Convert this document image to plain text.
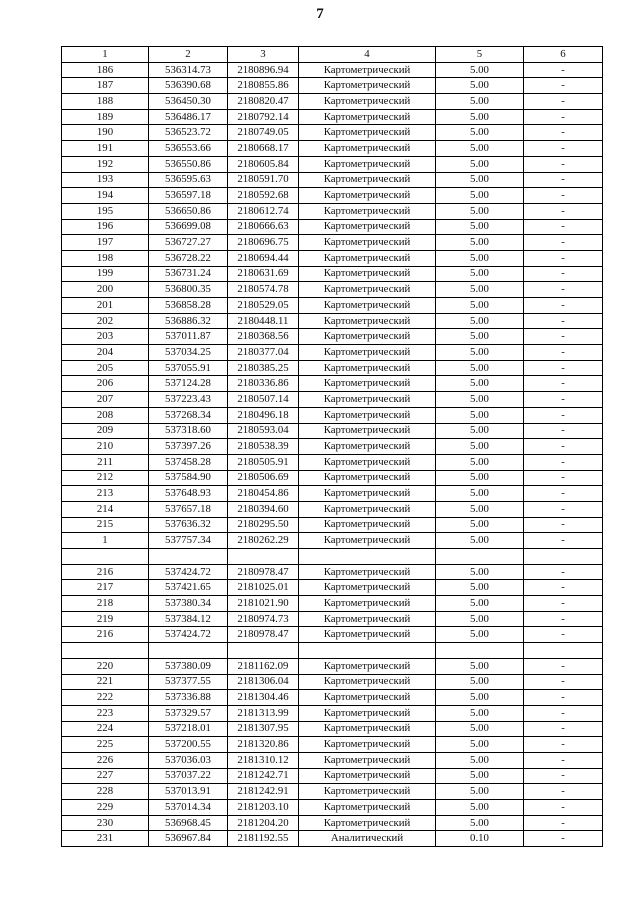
7
1	2	3	4	5	6
186	536314.73	2180896.94	Картометрический	5.00	-
187	536390.68	2180855.86	Картометрический	5.00	-
188	536450.30	2180820.47	Картометрический	5.00	-
189	536486.17	2180792.14	Картометрический	5.00	-
190	536523.72	2180749.05	Картометрический	5.00	-
191	536553.66	2180668.17	Картометрический	5.00	-
192	536550.86	2180605.84	Картометрический	5.00	-
193	536595.63	2180591.70	Картометрический	5.00	-
194	536597.18	2180592.68	Картометрический	5.00	-
195	536650.86	2180612.74	Картометрический	5.00	-
196	536699.08	2180666.63	Картометрический	5.00	-
197	536727.27	2180696.75	Картометрический	5.00	-
198	536728.22	2180694.44	Картометрический	5.00	-
199	536731.24	2180631.69	Картометрический	5.00	-
200	536800.35	2180574.78	Картометрический	5.00	-
201	536858.28	2180529.05	Картометрический	5.00	-
202	536886.32	2180448.11	Картометрический	5.00	-
203	537011.87	2180368.56	Картометрический	5.00	-
204	537034.25	2180377.04	Картометрический	5.00	-
205	537055.91	2180385.25	Картометрический	5.00	-
206	537124.28	2180336.86	Картометрический	5.00	-
207	537223.43	2180507.14	Картометрический	5.00	-
208	537268.34	2180496.18	Картометрический	5.00	-
209	537318.60	2180593.04	Картометрический	5.00	-
210	537397.26	2180538.39	Картометрический	5.00	-
211	537458.28	2180505.91	Картометрический	5.00	-
212	537584.90	2180506.69	Картометрический	5.00	-
213	537648.93	2180454.86	Картометрический	5.00	-
214	537657.18	2180394.60	Картометрический	5.00	-
215	537636.32	2180295.50	Картометрический	5.00	-
1	537757.34	2180262.29	Картометрический	5.00	-

216	537424.72	2180978.47	Картометрический	5.00	-
217	537421.65	2181025.01	Картометрический	5.00	-
218	537380.34	2181021.90	Картометрический	5.00	-
219	537384.12	2180974.73	Картометрический	5.00	-
216	537424.72	2180978.47	Картометрический	5.00	-

220	537380.09	2181162.09	Картометрический	5.00	-
221	537377.55	2181306.04	Картометрический	5.00	-
222	537336.88	2181304.46	Картометрический	5.00	-
223	537329.57	2181313.99	Картометрический	5.00	-
224	537218.01	2181307.95	Картометрический	5.00	-
225	537200.55	2181320.86	Картометрический	5.00	-
226	537036.03	2181310.12	Картометрический	5.00	-
227	537037.22	2181242.71	Картометрический	5.00	-
228	537013.91	2181242.91	Картометрический	5.00	-
229	537014.34	2181203.10	Картометрический	5.00	-
230	536968.45	2181204.20	Картометрический	5.00	-
231	536967.84	2181192.55	Аналитический	0.10	-
